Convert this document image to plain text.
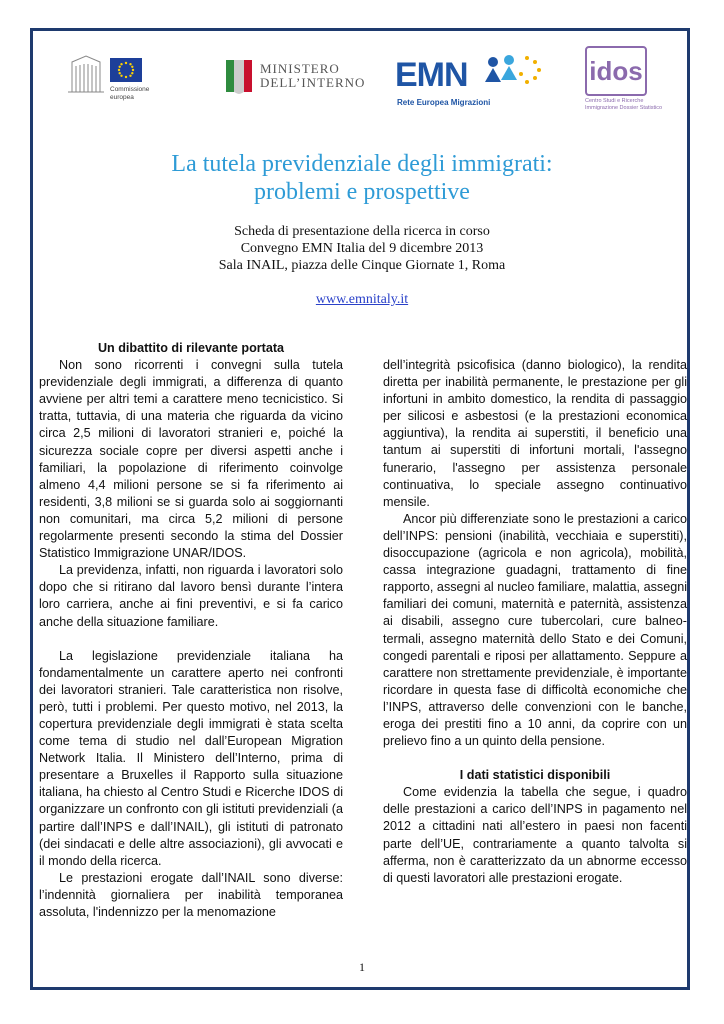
Commissione europea
MINISTERO
DELL’INTERNO EMN
Rete Europea Migrazioni
idos
Centro Studi e Ricerche Immigrazione Dossier Statistico
La tutela previdenziale degli immigrati:
problemi e prospettive
Scheda di presentazione della ricerca in corso
Convegno EMN Italia del 9 dicembre 2013
Sala INAIL, piazza delle Cinque Giornate 1, Roma
www.emnitaly.it
Un dibattito di rilevante portata

Non sono ricorrenti i convegni sulla tutela previdenziale degli immigrati, a differenza di quanto avviene per altri temi a carattere meno tecnicistico. Si tratta, tuttavia, di una materia che riguarda da vicino circa 2,5 milioni di lavoratori stranieri e, poiché la sicurezza sociale copre per diversi aspetti anche i familiari, la popolazione di riferimento coinvolge almeno 4,4 milioni persone se si fa riferimento ai residenti, 3,8 milioni se si guarda solo ai soggiornanti non comunitari, ma circa 5,2 milioni di persone regolarmente presenti secondo la stima del Dossier Statistico Immigrazione UNAR/IDOS.

La previdenza, infatti, non riguarda i lavoratori solo dopo che si ritirano dal lavoro bensì durante l’intera loro carriera, anche ai fini preventivi, e si fa carico anche della situazione familiare.

La legislazione previdenziale italiana ha fondamentalmente un carattere aperto nei confronti dei lavoratori stranieri. Tale caratteristica non risolve, però, tutti i problemi. Per questo motivo, nel 2013, la copertura previdenziale degli immigrati è stata scelta come tema di studio nel dall’European Migration Network Italia. Il Ministero dell’Interno, prima di presentare a Bruxelles il Rapporto sulla situazione italiana, ha chiesto al Centro Studi e Ricerche IDOS di organizzare un confronto con gli istituti previdenziali (a partire dall’INPS e dall’INAIL), gli istituti di patronato (dei sindacati e delle altre associazioni), gli avvocati e il mondo della ricerca.

Le prestazioni erogate dall’INAIL sono diverse: l’indennità giornaliera per inabilità temporanea assoluta, l'indennizzo per la menomazione

dell’integrità psicofisica (danno biologico), la rendita diretta per inabilità permanente, le prestazione per gli infortuni in ambito domestico, la rendita di passaggio per silicosi e asbestosi (e la prestazioni economica aggiuntiva), la rendita ai superstiti, il beneficio una tantum ai superstiti di infortuni mortali, l'assegno funerario, l'assegno per assistenza personale continuativa, lo speciale assegno continuativo mensile.

Ancor più differenziate sono le prestazioni a carico dell’INPS: pensioni (inabilità, vecchiaia e superstiti), disoccupazione (agricola e non agricola), mobilità, cassa integrazione guadagni, trattamento di fine rapporto, assegni al nucleo familiare, malattia, assegni familiari dei comuni, maternità e paternità, assistenza ai disabili, assegno cure tubercolari, cure balneo-termali, assegno maternità dello Stato e dei Comuni, congedi parentali e riposi per allattamento. Seppure a carattere non strettamente previdenziale, è importante ricordare in questa fase di difficoltà economiche che l’INPS, attraverso delle convenzioni con le banche, eroga dei prestiti fino a 10 anni, da coprire con un prelievo fino a un quinto della pensione.

I dati statistici disponibili

Come evidenzia la tabella che segue, i quadro delle prestazioni a carico dell’INPS in pagamento nel 2012 a cittadini nati all’estero in paesi non facenti parte dell’UE, contrariamente a quanto talvolta si afferma, non è caratterizzato da un abnorme eccesso di questi lavoratori alle prestazioni erogate.

1
